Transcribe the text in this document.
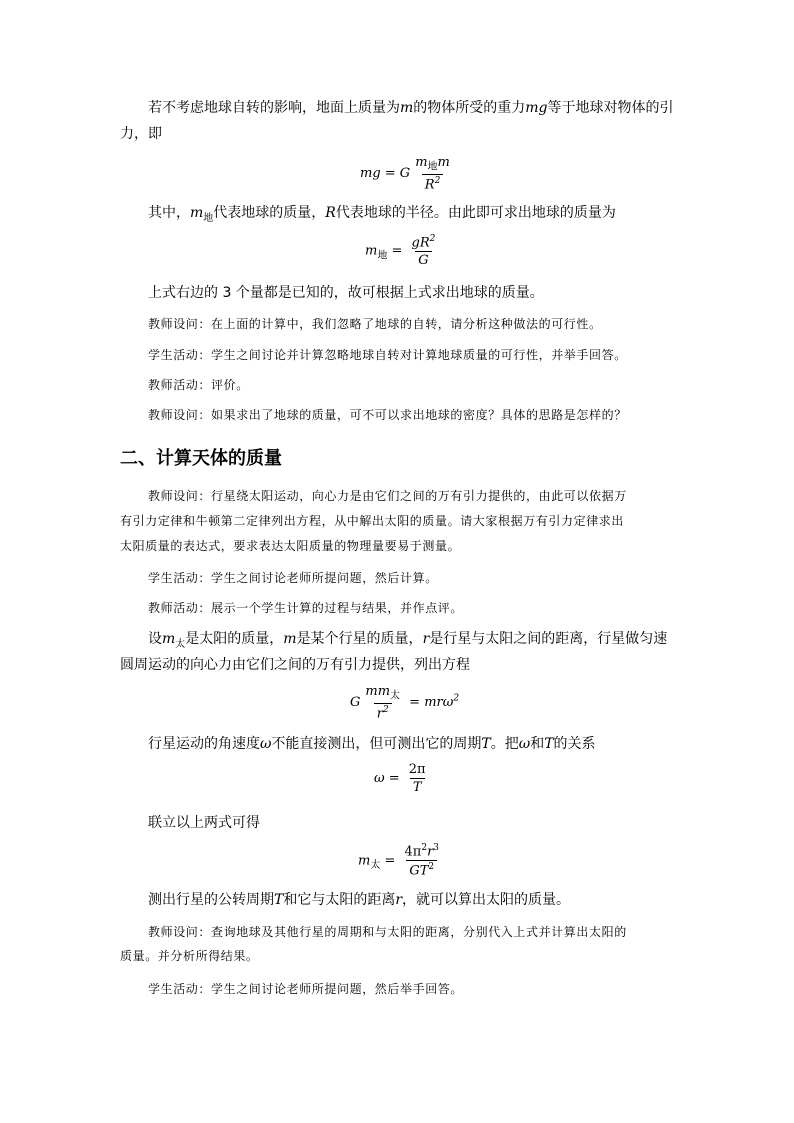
若不考虑地球自转的影响，地面上质量为m的物体所受的重力mg等于地球对物体的引
力，即
mg = G $\frac{m_地m}{R^2}$
其中，$m_地$代表地球的质量，R代表地球的半径。由此即可求出地球的质量为
$m_地 = \frac{gR^2}{G}$
上式右边的 3 个量都是已知的，故可根据上式求出地球的质量。
教师设问：在上面的计算中，我们忽略了地球的自转，请分析这种做法的可行性。
学生活动：学生之间讨论并计算忽略地球自转对计算地球质量的可行性，并举手回答。
教师活动：评价。
教师设问：如果求出了地球的质量，可不可以求出地球的密度？具体的思路是怎样的？
二、计算天体的质量
教师设问：行星绕太阳运动，向心力是由它们之间的万有引力提供的，由此可以依据万
有引力定律和牛顿第二定律列出方程，从中解出太阳的质量。请大家根据万有引力定律求出
太阳质量的表达式，要求表达太阳质量的物理量要易于测量。
学生活动：学生之间讨论老师所提问题，然后计算。
教师活动：展示一个学生计算的过程与结果，并作点评。
设$m_太$是太阳的质量，m是某个行星的质量，r是行星与太阳之间的距离，行星做匀速
圆周运动的向心力由它们之间的万有引力提供，列出方程
G $\frac{mm_太}{r^2} = mr\omega^2$
行星运动的角速度ω不能直接测出，但可测出它的周期T。把ω和T的关系
$\omega = \frac{2\pi}{T}$
联立以上两式可得
$m_太 = \frac{4\pi^2r^3}{GT^2}$
测出行星的公转周期T和它与太阳的距离r，就可以算出太阳的质量。
教师设问：查询地球及其他行星的周期和与太阳的距离，分别代入上式并计算出太阳的
质量。并分析所得结果。
学生活动：学生之间讨论老师所提问题，然后举手回答。
